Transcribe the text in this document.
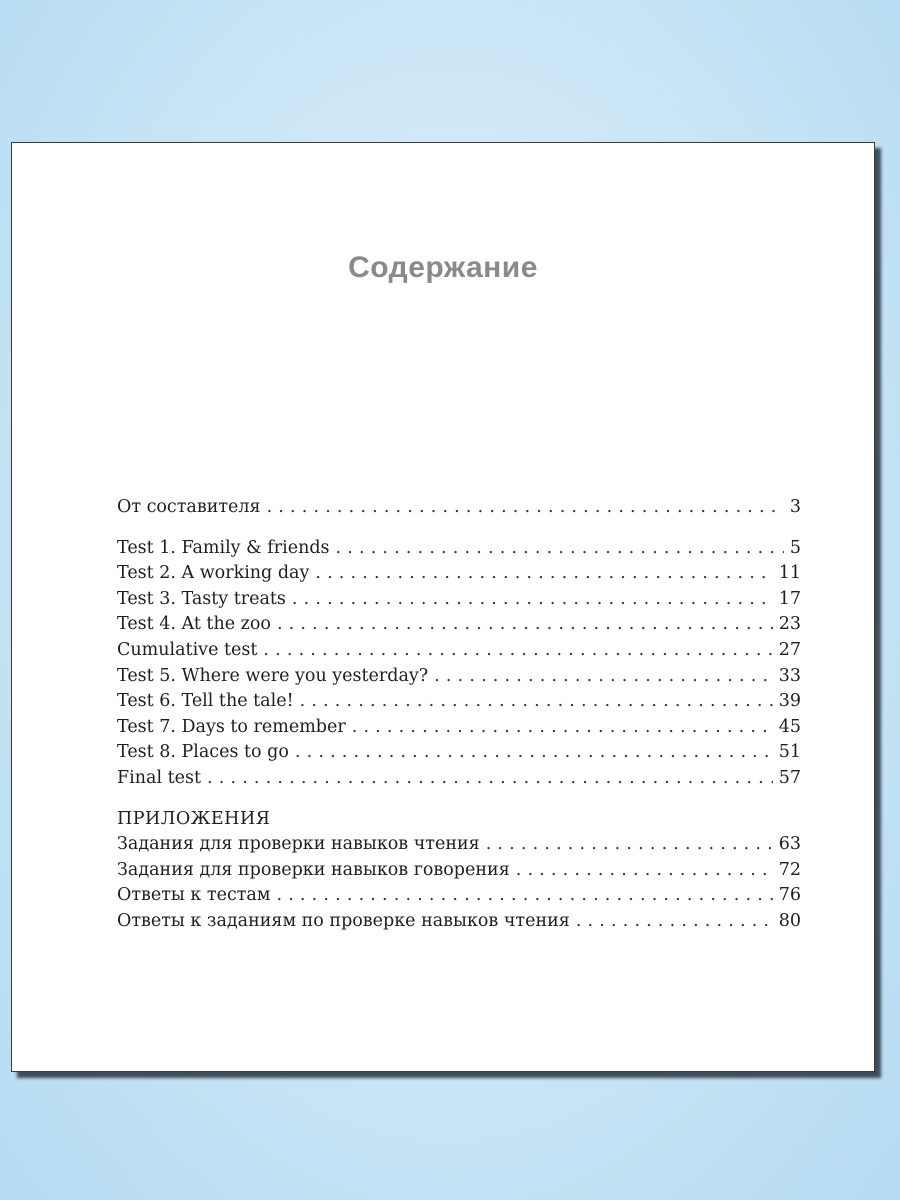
Содержание
От составителя . . .	3
Test 1. Family & friends . . .	5
Test 2. A working day . . .	11
Test 3. Tasty treats . . .	17
Test 4. At the zoo . . .	23
Cumulative test . . .	27
Test 5. Where were you yesterday? . . .	33
Test 6. Tell the tale! . . .	39
Test 7. Days to remember . . .	45
Test 8. Places to go . . .	51
Final test . . .	57
ПРИЛОЖЕНИЯ
Задания для проверки навыков чтения . . .	63
Задания для проверки навыков говорения . . .	72
Ответы к тестам . . .	76
Ответы к заданиям по проверке навыков чтения . . .	80
